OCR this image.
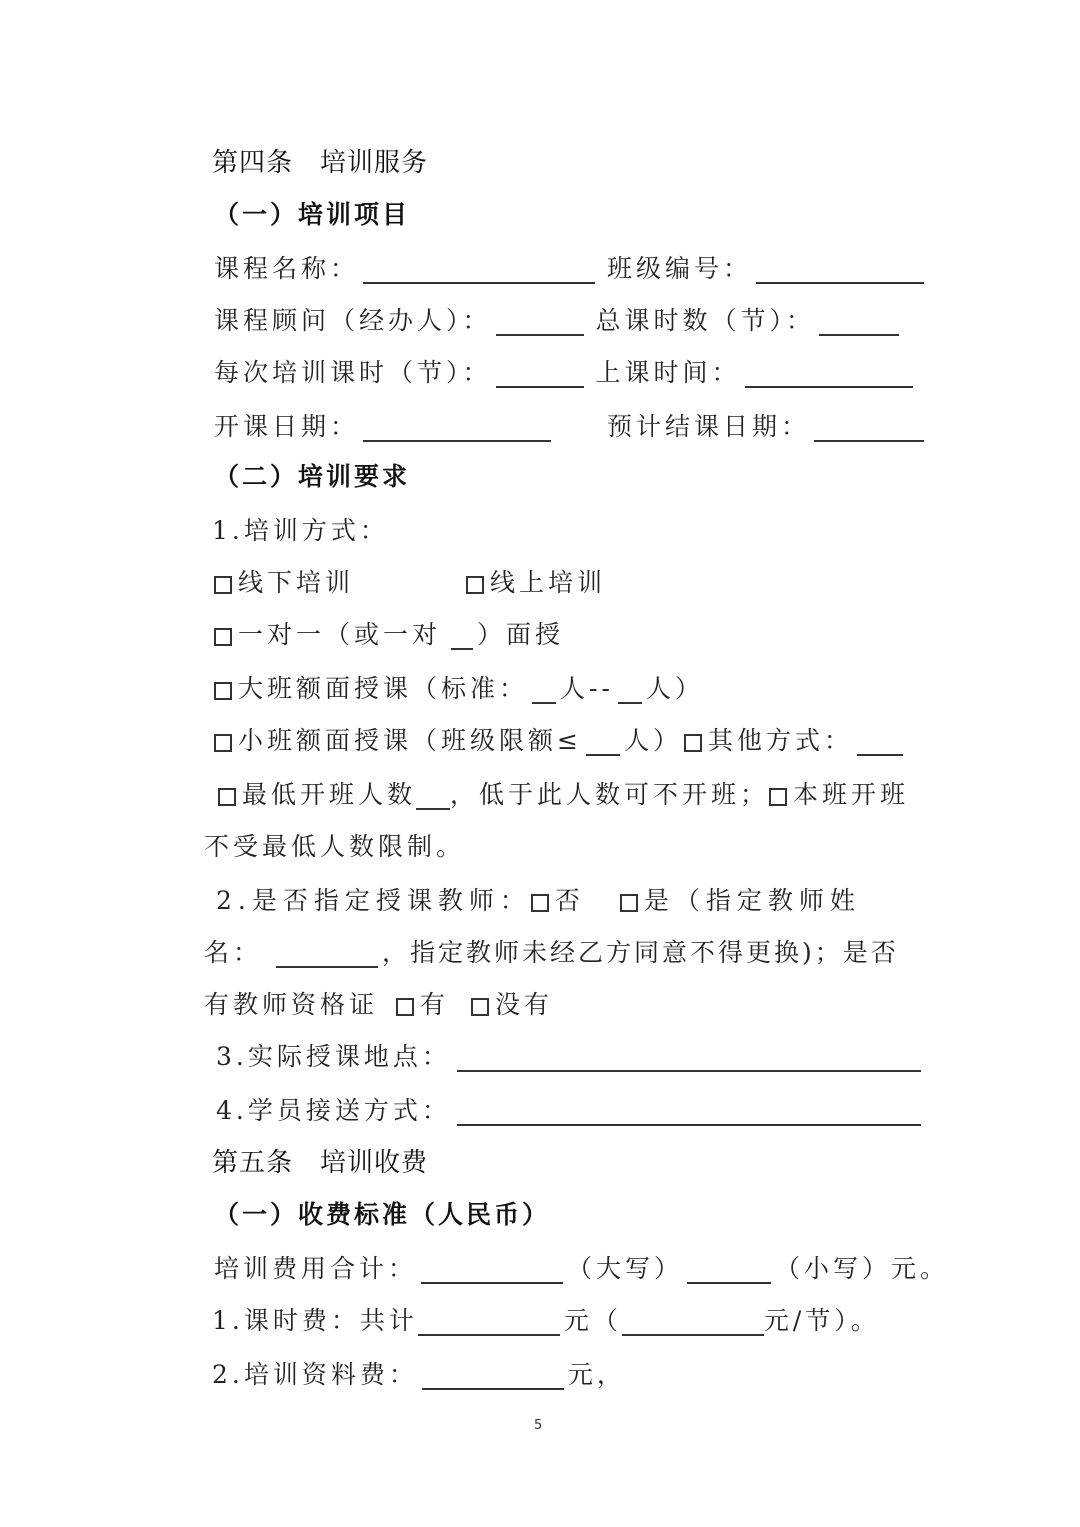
第四条　培训服务
（一）培训项目
课程名称：	班级编号：
课程顾问（经办人）：	总课时数（节）：
每次培训课时（节）：	上课时间：
开课日期：	预计结课日期：
（二）培训要求
1.培训方式：
线下培训	线上培训
一对一（或一对 ）面授
大班额面授课（标准： 人-- 人）
小班额面授课（班级限额≤ 人） 其他方式：
最低开班人数 ，低于此人数可不开班； 本班开班
不受最低人数限制。
2.是否指定授课教师： 否 是（指定教师姓
名：	，指定教师未经乙方同意不得更换)；是否
有教师资格证 有 没有
3.实际授课地点：
4.学员接送方式：
第五条　培训收费
（一）收费标准（人民币）
培训费用合计：	（大写）	（小写）元。
1.课时费：共计	元（	元/节）。
2.培训资料费：	元，
5
